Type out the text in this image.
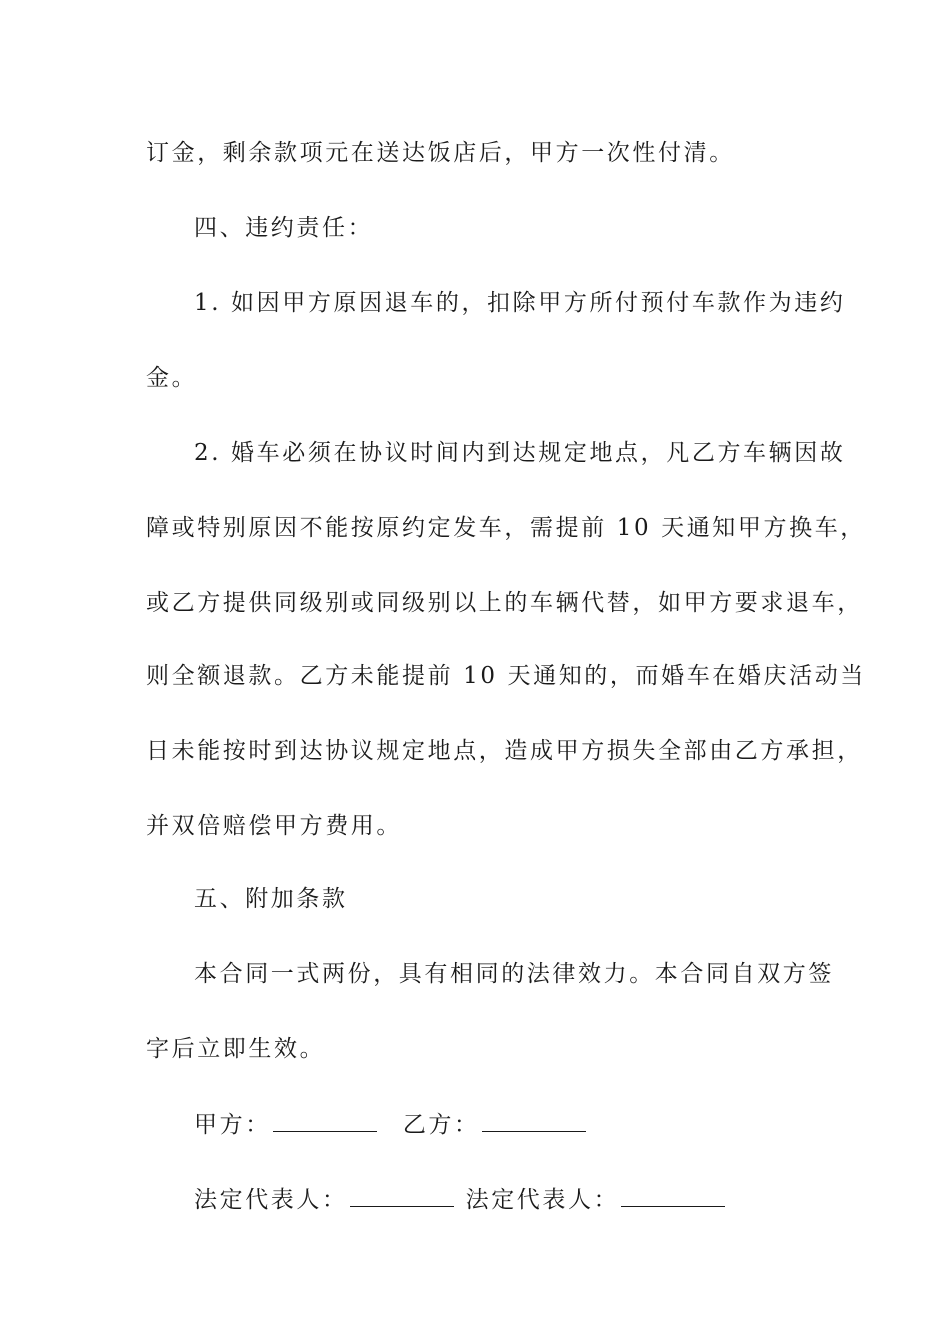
订金，剩余款项元在送达饭店后，甲方一次性付清。
四、违约责任：
1. 如因甲方原因退车的，扣除甲方所付预付车款作为违约
金。
2. 婚车必须在协议时间内到达规定地点，凡乙方车辆因故
障或特别原因不能按原约定发车，需提前 10 天通知甲方换车，
或乙方提供同级别或同级别以上的车辆代替，如甲方要求退车，
则全额退款。乙方未能提前 10 天通知的，而婚车在婚庆活动当
日未能按时到达协议规定地点，造成甲方损失全部由乙方承担，
并双倍赔偿甲方费用。
五、附加条款
本合同一式两份，具有相同的法律效力。本合同自双方签
字后立即生效。
甲方：	乙方：
法定代表人：	法定代表人：
